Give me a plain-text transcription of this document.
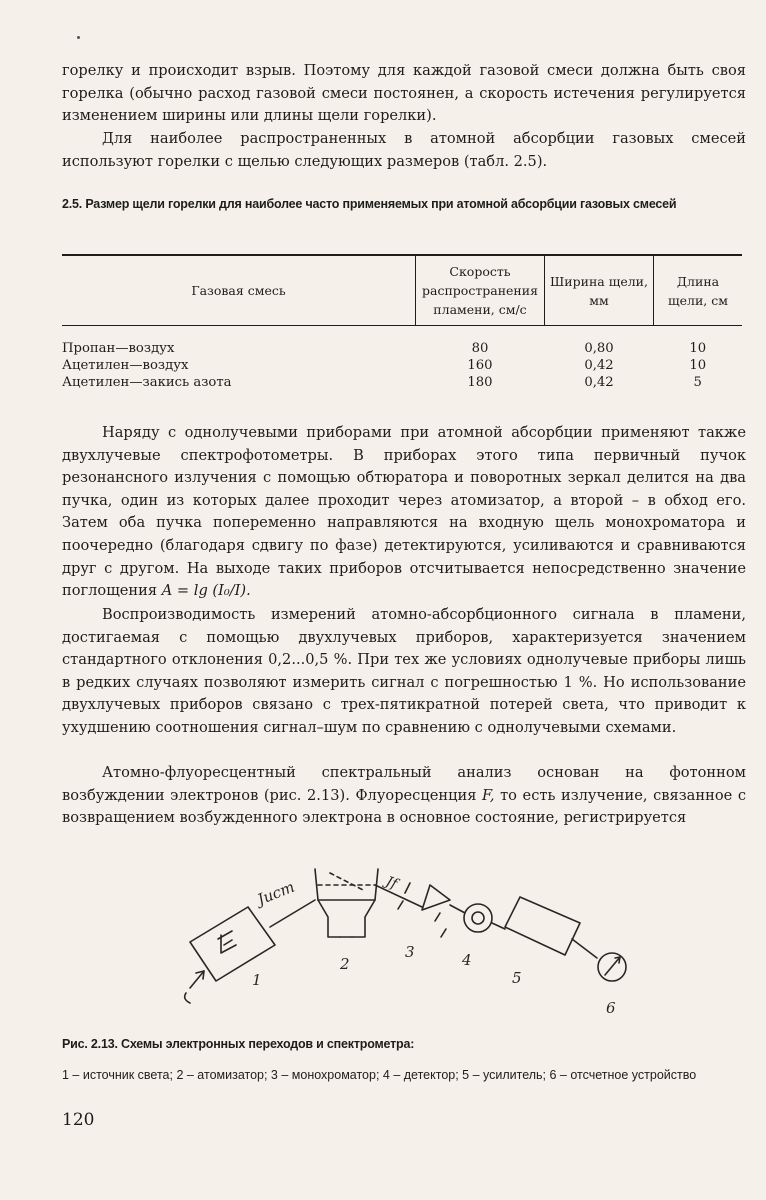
горелку и происходит взрыв. Поэтому для каждой газовой смеси должна быть своя горелка (обычно расход газовой смеси постоянен, а скорость истечения регулируется изменением ширины или длины щели горелки).

Для наиболее распространенных в атомной абсорбции газовых смесей используют горелки с щелью следующих размеров (табл. 2.5).

2.5. Размер щели горелки для наиболее часто применяемых при атомной абсорбции газовых смесей

Газовая смесь	Скорость распространения пламени, см/с	Ширина щели, мм	Длина щели, см
Пропан—воздух	80	0,80	10
Ацетилен—воздух	160	0,42	10
Ацетилен—закись азота	180	0,42	5

Наряду с однолучевыми приборами при атомной абсорбции применяют также двухлучевые спектрофотометры. В приборах этого типа первичный пучок резонансного излучения с помощью обтюратора и поворотных зеркал делится на два пучка, один из которых далее проходит через атомизатор, а второй – в обход его. Затем оба пучка попеременно направляются на входную щель монохроматора и поочередно (благодаря сдвигу по фазе) детектируются, усиливаются и сравниваются друг с другом. На выходе таких приборов отсчитывается непосредственно значение поглощения A = lg (I₀/I).

Воспроизводимость измерений атомно-абсорбционного сигнала в пламени, достигаемая с помощью двухлучевых приборов, характеризуется значением стандартного отклонения 0,2...0,5 %. При тех же условиях однолучевые приборы лишь в редких случаях позволяют измерить сигнал с погрешностью 1 %. Но использование двухлучевых приборов связано с трех-пятикратной потерей света, что приводит к ухудшению соотношения сигнал–шум по сравнению с однолучевыми схемами.

Атомно-флуоресцентный спектральный анализ основан на фотонном возбуждении электронов (рис. 2.13). Флуоресценция F, то есть излучение, связанное с возвращением возбужденного электрона в основное состояние, регистрируется

Jист	Jf
1
2
3	4
5
6

Рис. 2.13. Схемы электронных переходов и спектрометра:

1 – источник света; 2 – атомизатор; 3 – монохроматор; 4 – детектор; 5 – усилитель; 6 – отсчетное устройство

120
